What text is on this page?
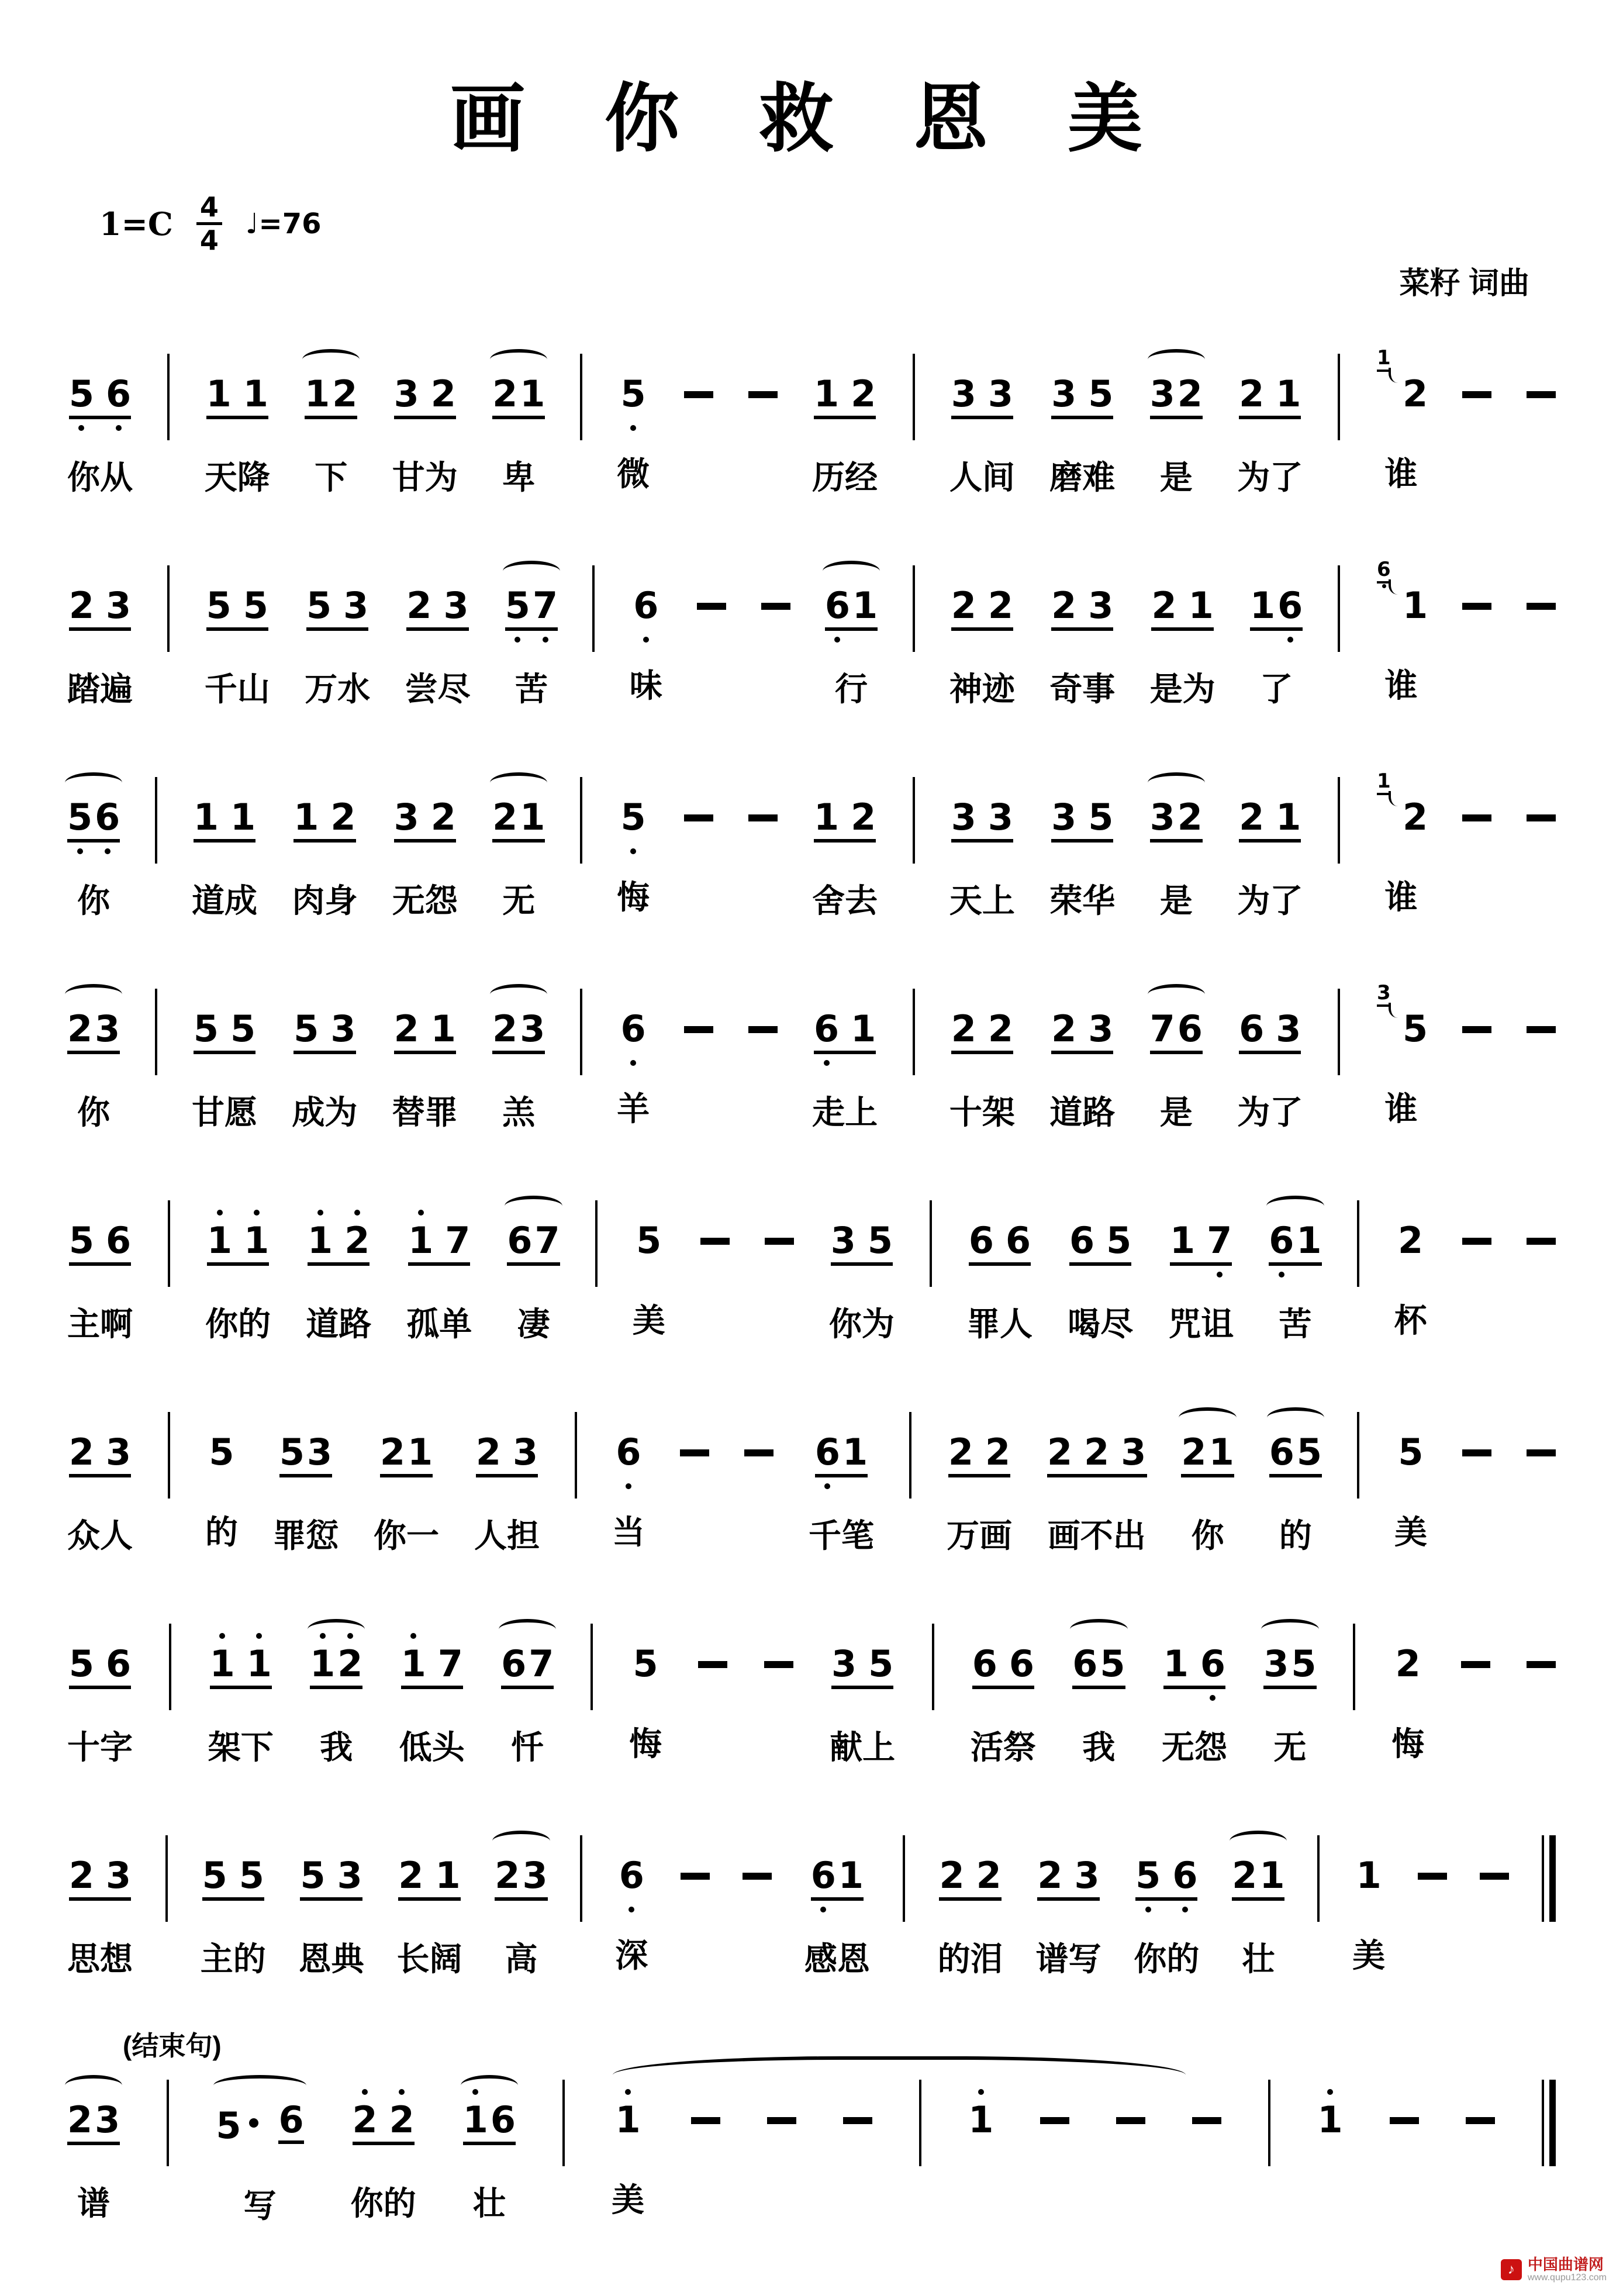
画 你 救 恩 美
1=C 4
4
♩=76
菜籽 词曲
5 6
你从
1 1
天降
1 2
下
3 2
甘为
2 1
卑
5
微
1 2
历经
3 3
人间
3 5
磨难
3 2
是
2 1
为了
1
2
谁
2 3
踏遍
5 5
千山
5 3
万水
2 3
尝尽
5 7
苦
6
味
6 1
行
2 2
神迹
2 3
奇事
2 1
是为
1 6
了
6
1
谁
5 6
你
1 1
道成
1 2
肉身
3 2
无怨
2 1
无
5
悔
1 2
舍去
3 3
天上
3 5
荣华
3 2
是
2 1
为了
1
2
谁
2 3
你
5 5
甘愿
5 3
成为
2 1
替罪
2 3
羔
6
羊
6 1
走上
2 2
十架
2 3
道路
7 6
是
6 3
为了
3
5
谁
5 6
主啊
1 1
你的
1 2
道路
1 7
孤单
6 7
凄
5
美
3 5
你为
6 6
罪人
6 5
喝尽
1 7
咒诅
6 1
苦
2
杯
2 3
众人
5
的
5 3
罪愆
2 1
你一
2 3
人担
6
当
6 1
千笔
2 2
万画
2 2 3
画不出
2 1
你
6 5
的
5
美
5 6
十字
1 1
架下
1 2
我
1 7
低头
6 7
忏
5
悔
3 5
献上
6 6
活祭
6 5
我
1 6
无怨
3 5
无
2
悔
2 3
思想
5 5
主的
5 3
恩典
2 1
长阔
2 3
高
6
深
6 1
感恩
2 2
的泪
2 3
谱写
5 6
你的
2 1
壮
1
美
(结束句)
2 3
谱
5 6
写
2 2
你的
1 6
壮
1
美
1	1
♪ 中国曲谱网
www.qupu123.com
